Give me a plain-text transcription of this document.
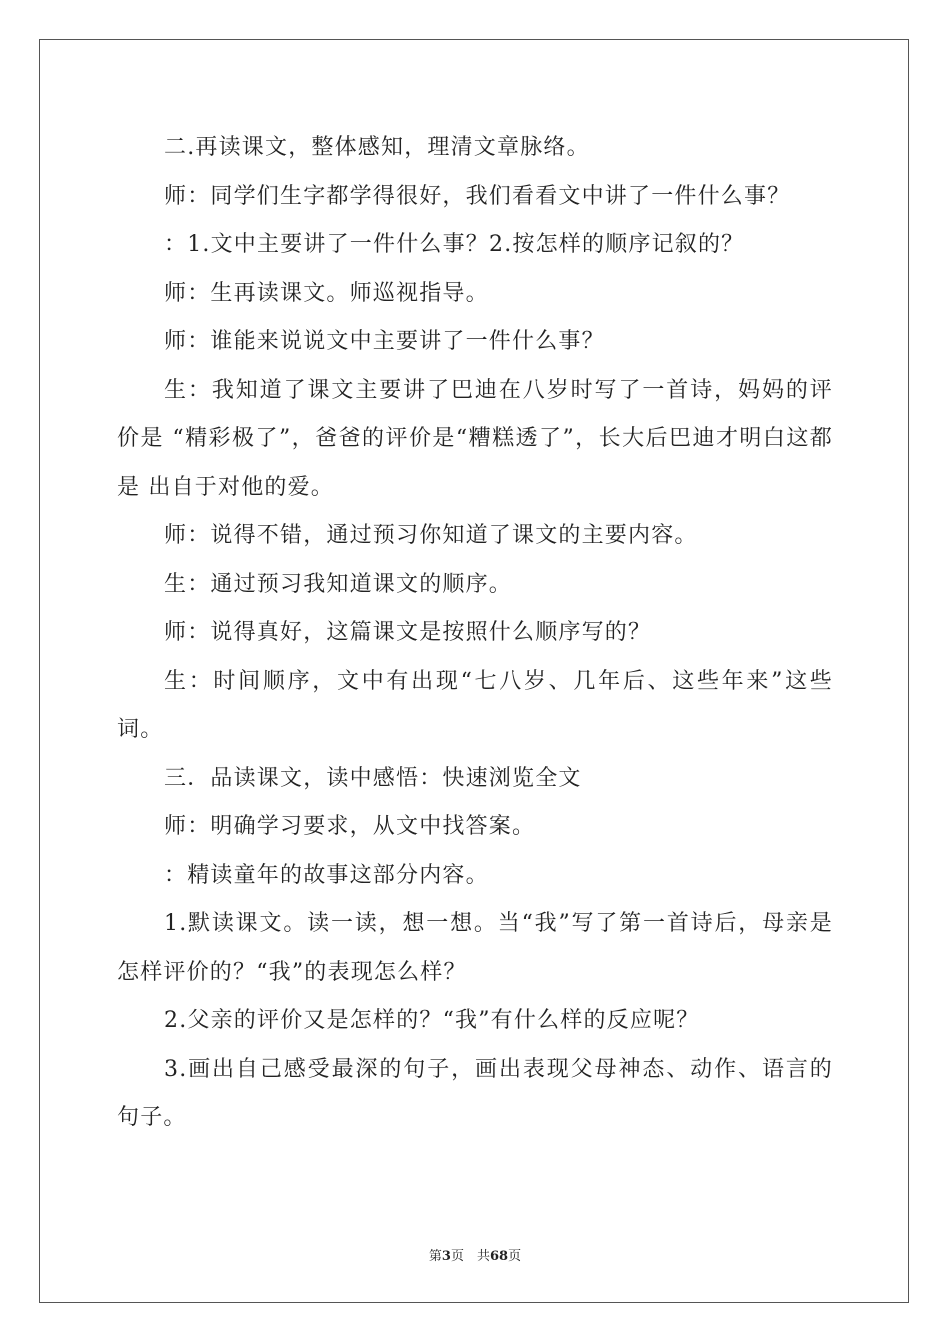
二.再读课文，整体感知，理清文章脉络。

师：同学们生字都学得很好，我们看看文中讲了一件什么事？

：1.文中主要讲了一件什么事？2.按怎样的顺序记叙的？

师：生再读课文。师巡视指导。

师：谁能来说说文中主要讲了一件什么事？

生：我知道了课文主要讲了巴迪在八岁时写了一首诗，妈妈的评价是 “精彩极了”，爸爸的评价是“糟糕透了”，长大后巴迪才明白这都是 出自于对他的爱。

师：说得不错，通过预习你知道了课文的主要内容。

生：通过预习我知道课文的顺序。

师：说得真好，这篇课文是按照什么顺序写的？

生：时间顺序，文中有出现“七八岁、几年后、这些年来”这些词。

三．品读课文，读中感悟：快速浏览全文

师：明确学习要求，从文中找答案。

：精读童年的故事这部分内容。

1.默读课文。读一读，想一想。当“我”写了第一首诗后，母亲是怎样评价的？“我”的表现怎么样？

2.父亲的评价又是怎样的？“我”有什么样的反应呢？

3.画出自己感受最深的句子，画出表现父母神态、动作、语言的句子。

第3页　共68页
